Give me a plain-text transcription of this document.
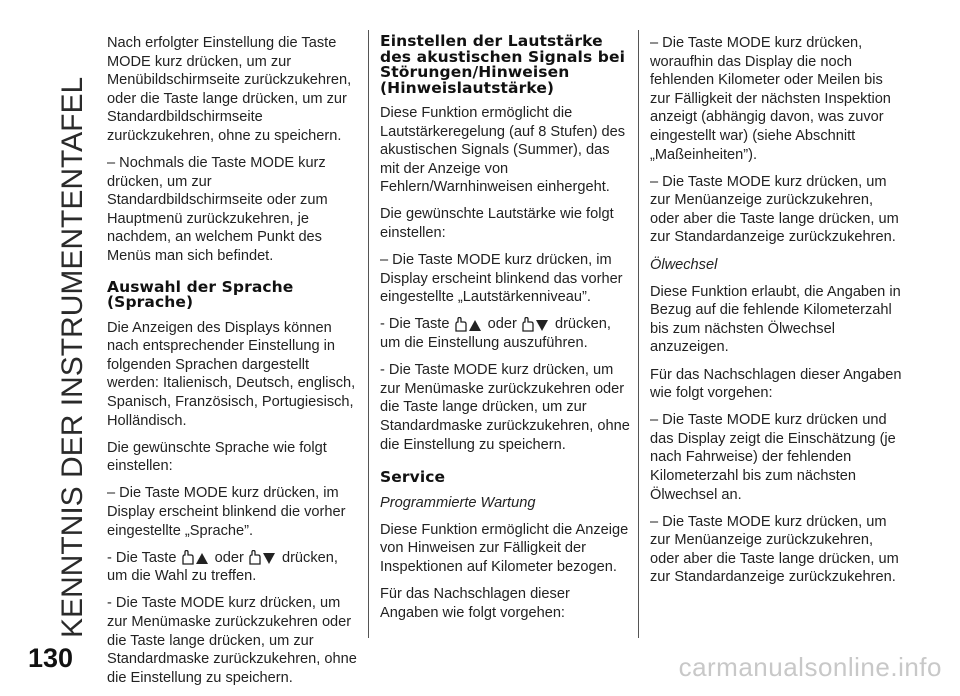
KENNTNIS DER INSTRUMENTENTAFEL
130

Nach erfolgter Einstellung die Taste MODE kurz drücken, um zur Menübildschirmseite zurückzukehren, oder die Taste lange drücken, um zur Standardbildschirmseite zurückzukehren, ohne zu speichern.

– Nochmals die Taste MODE kurz drücken, um zur Standardbildschirmseite oder zum Hauptmenü zurückzukehren, je nachdem, an welchem Punkt des Menüs man sich befindet.

Auswahl der Sprache (Sprache)

Die Anzeigen des Displays können nach entsprechender Einstellung in folgenden Sprachen dargestellt werden: Italienisch, Deutsch, englisch, Spanisch, Französisch, Portugiesisch, Holländisch.

Die gewünschte Sprache wie folgt einstellen:

– Die Taste MODE kurz drücken, im Display erscheint blinkend die vorher eingestellte „Sprache”.

- Die Taste	oder	drücken, um die Wahl zu treffen.

- Die Taste MODE kurz drücken, um zur Menümaske zurückzukehren oder die Taste lange drücken, um zur Standardmaske zurückzukehren, ohne die Einstellung zu speichern.

Einstellen der Lautstärke des akustischen Signals bei Störungen/Hinweisen (Hinweislautstärke)

Diese Funktion ermöglicht die Lautstärkeregelung (auf 8 Stufen) des akustischen Signals (Summer), das mit der Anzeige von Fehlern/Warnhinweisen einhergeht.

Die gewünschte Lautstärke wie folgt einstellen:

– Die Taste MODE kurz drücken, im Display erscheint blinkend das vorher eingestellte „Lautstärkenniveau”.

- Die Taste	oder	drücken, um die Einstellung auszuführen.

- Die Taste MODE kurz drücken, um zur Menümaske zurückzukehren oder die Taste lange drücken, um zur Standardmaske zurückzukehren, ohne die Einstellung zu speichern.

Service

Programmierte Wartung

Diese Funktion ermöglicht die Anzeige von Hinweisen zur Fälligkeit der Inspektionen auf Kilometer bezogen.

Für das Nachschlagen dieser Angaben wie folgt vorgehen:

– Die Taste MODE kurz drücken, woraufhin das Display die noch fehlenden Kilometer oder Meilen bis zur Fälligkeit der nächsten Inspektion anzeigt (abhängig davon, was zuvor eingestellt war) (siehe Abschnitt „Maßeinheiten”).

– Die Taste MODE kurz drücken, um zur Menüanzeige zurückzukehren, oder aber die Taste lange drücken, um zur Standardanzeige zurückzukehren.

Ölwechsel

Diese Funktion erlaubt, die Angaben in Bezug auf die fehlende Kilometerzahl bis zum nächsten Ölwechsel anzuzeigen.

Für das Nachschlagen dieser Angaben wie folgt vorgehen:

– Die Taste MODE kurz drücken und das Display zeigt die Einschätzung (je nach Fahrweise) der fehlenden Kilometerzahl bis zum nächsten Ölwechsel an.

– Die Taste MODE kurz drücken, um zur Menüanzeige zurückzukehren, oder aber die Taste lange drücken, um zur Standardanzeige zurückzukehren.

carmanualsonline.info
